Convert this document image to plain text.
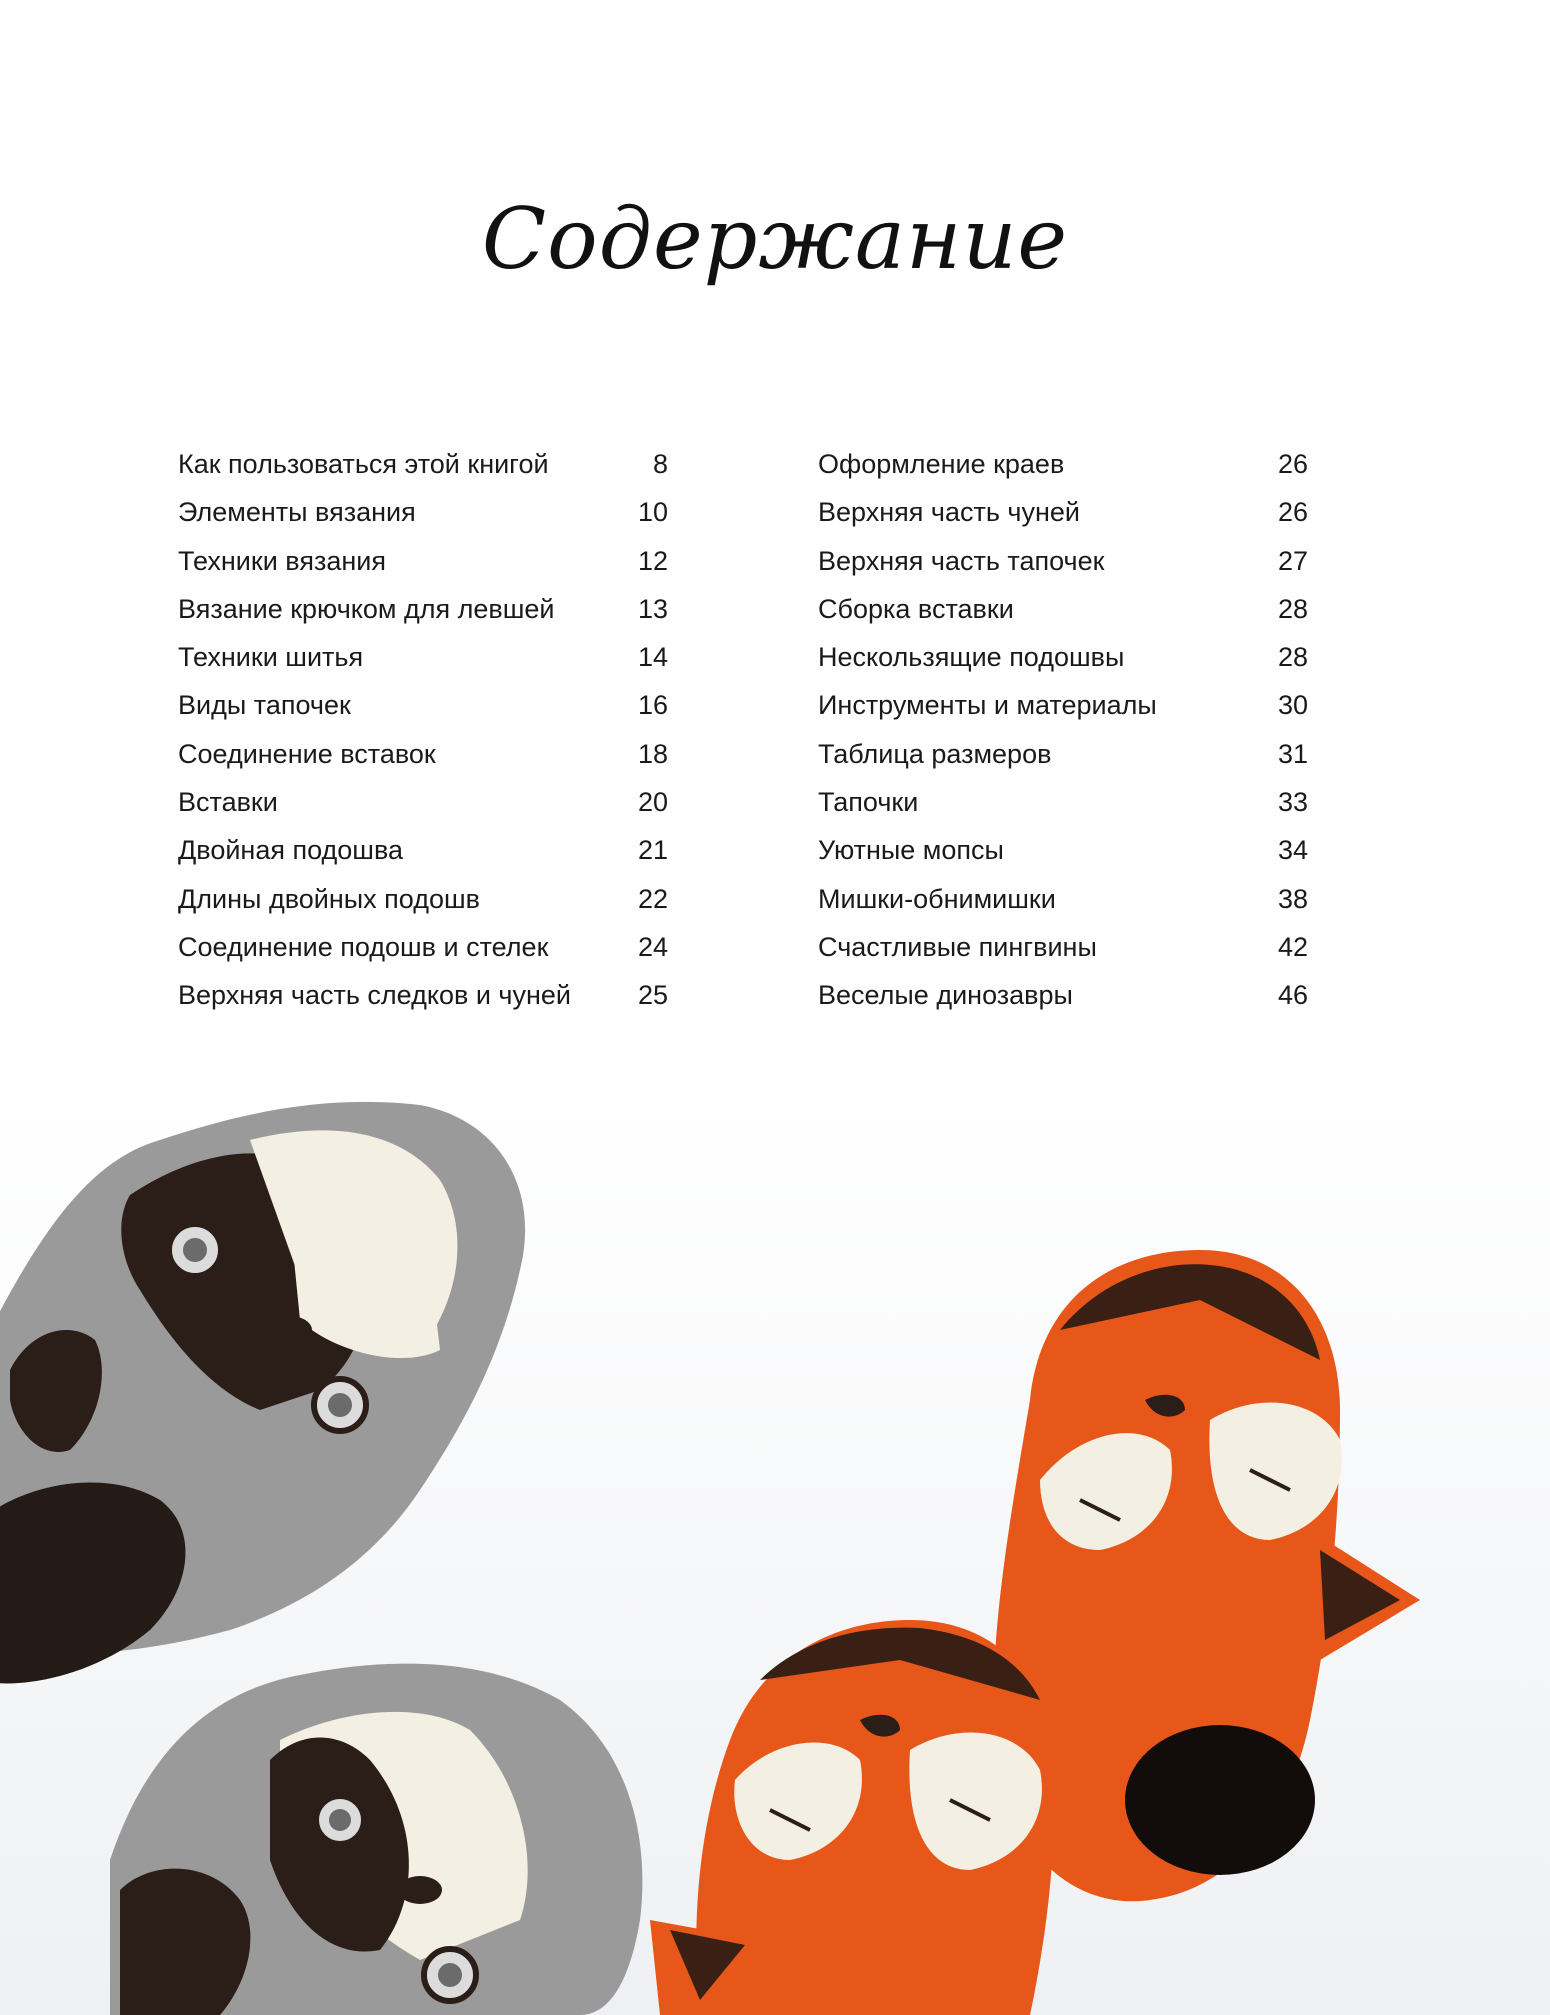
Содержание
Как пользоваться этой книгой	8
Элементы вязания	10
Техники вязания	12
Вязание крючком для левшей	13
Техники шитья	14
Виды тапочек	16
Соединение вставок	18
Вставки	20
Двойная подошва	21
Длины двойных подошв	22
Соединение подошв и стелек	24
Верхняя часть следков и чуней	25
Оформление краев	26
Верхняя часть чуней	26
Верхняя часть тапочек	27
Сборка вставки	28
Нескользящие подошвы	28
Инструменты и материалы	30
Таблица размеров	31
Тапочки	33
Уютные мопсы	34
Мишки-обнимишки	38
Счастливые пингвины	42
Веселые динозавры	46
